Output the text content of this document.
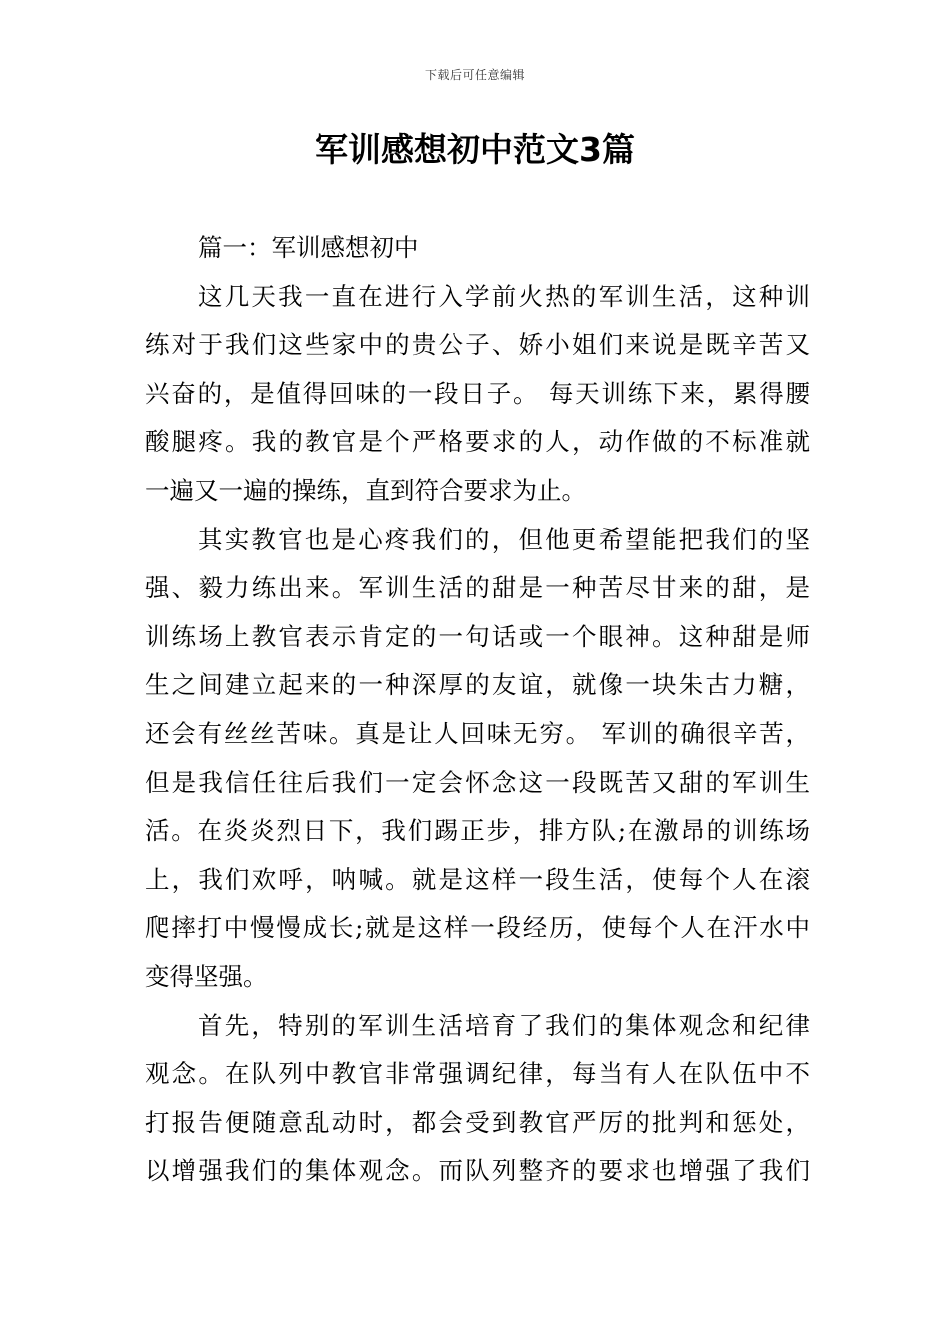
下载后可任意编辑
军训感想初中范文3篇

篇一：军训感想初中

这几天我一直在进行入学前火热的军训生活，这种训
练对于我们这些家中的贵公子、娇小姐们来说是既辛苦又
兴奋的，是值得回味的一段日子。 每天训练下来，累得腰
酸腿疼。我的教官是个严格要求的人，动作做的不标准就
一遍又一遍的操练，直到符合要求为止。

其实教官也是心疼我们的，但他更希望能把我们的坚
强、毅力练出来。军训生活的甜是一种苦尽甘来的甜，是
训练场上教官表示肯定的一句话或一个眼神。这种甜是师
生之间建立起来的一种深厚的友谊，就像一块朱古力糖，
还会有丝丝苦味。真是让人回味无穷。 军训的确很辛苦，
但是我信任往后我们一定会怀念这一段既苦又甜的军训生
活。在炎炎烈日下，我们踢正步，排方队;在激昂的训练场
上，我们欢呼，呐喊。就是这样一段生活，使每个人在滚
爬摔打中慢慢成长;就是这样一段经历，使每个人在汗水中
变得坚强。

首先，特别的军训生活培育了我们的集体观念和纪律
观念。在队列中教官非常强调纪律，每当有人在队伍中不
打报告便随意乱动时，都会受到教官严厉的批判和惩处，
以增强我们的集体观念。而队列整齐的要求也增强了我们
